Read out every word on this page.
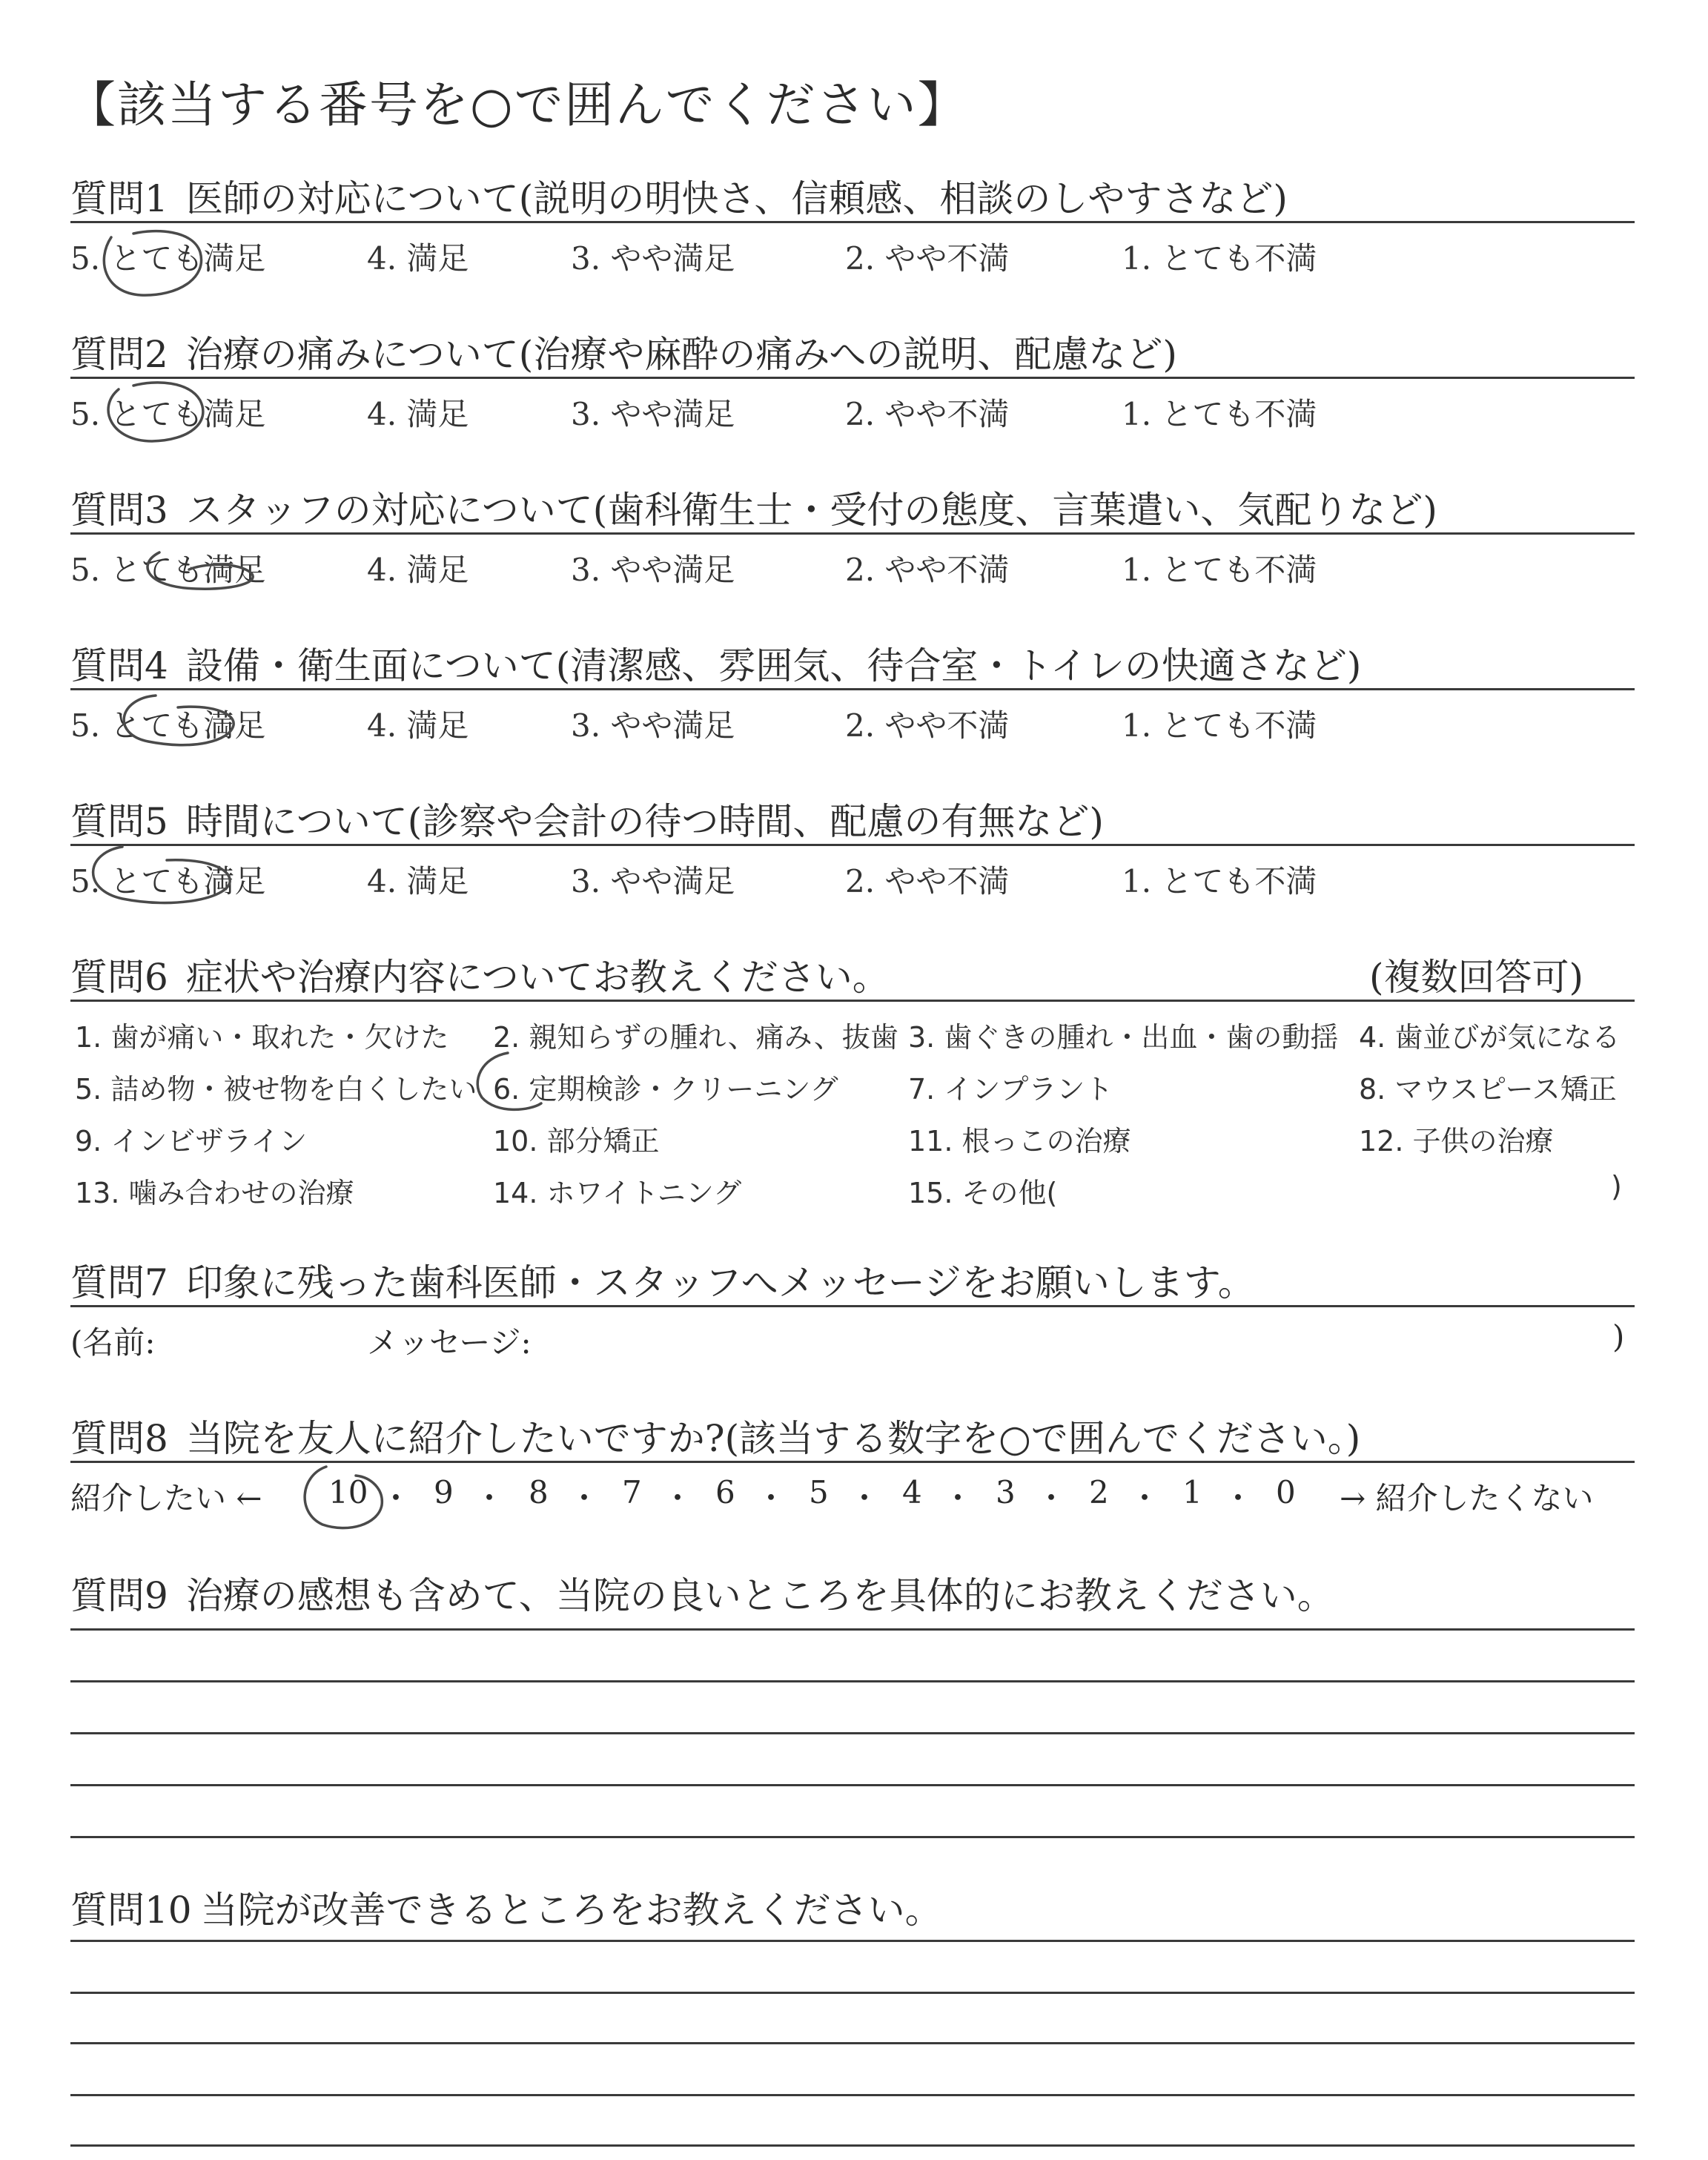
【該当する番号を○で囲んでください】
質問1 医師の対応について(説明の明快さ、信頼感、相談のしやすさなど)
5. とても満足	4. 満足	3. やや満足	2. やや不満	1. とても不満
質問2 治療の痛みについて(治療や麻酔の痛みへの説明、配慮など)
5. とても満足	4. 満足	3. やや満足	2. やや不満	1. とても不満
質問3 スタッフの対応について(歯科衛生士・受付の態度、言葉遣い、気配りなど)
5. とても満足	4. 満足	3. やや満足	2. やや不満	1. とても不満
質問4 設備・衛生面について(清潔感、雰囲気、待合室・トイレの快適さなど)
5. とても満足	4. 満足	3. やや満足	2. やや不満	1. とても不満
質問5 時間について(診察や会計の待つ時間、配慮の有無など)
5. とても満足	4. 満足	3. やや満足	2. やや不満	1. とても不満
質問6 症状や治療内容についてお教えください。	(複数回答可)
1. 歯が痛い・取れた・欠けた 2. 親知らずの腫れ、痛み、抜歯 3. 歯ぐきの腫れ・出血・歯の動揺 4. 歯並びが気になる
5. 詰め物・被せ物を白くしたい 6. 定期検診・クリーニング 7. インプラント	8. マウスピース矯正
9. インビザライン	10. 部分矯正	11. 根っこの治療	12. 子供の治療
13. 噛み合わせの治療	14. ホワイトニング	15. その他(	)
質問7 印象に残った歯科医師・スタッフへメッセージをお願いします。
(名前:	メッセージ:	)
質問8 当院を友人に紹介したいですか?(該当する数字を○で囲んでください。)
紹介したい ← 10 ・ 9 ・ 8 ・ 7 ・ 6 ・ 5 ・ 4 ・ 3 ・ 2 ・ 1 ・ 0 → 紹介したくない
質問9 治療の感想も含めて、当院の良いところを具体的にお教えください。
質問10 当院が改善できるところをお教えください。
